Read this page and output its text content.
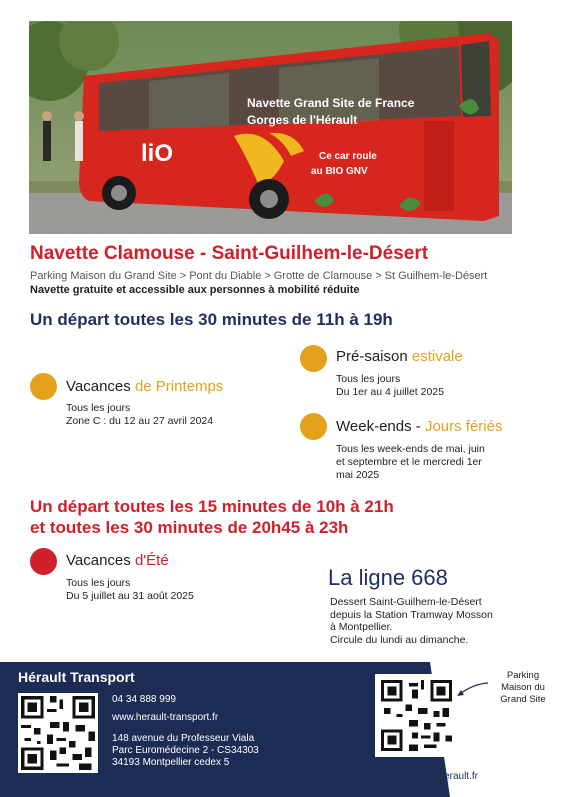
Navette Grand Site de France
Gorges de l'Hérault
liO	Ce car roule
au BIO GNV
Navette Clamouse - Saint-Guilhem-le-Désert
Parking Maison du Grand Site > Pont du Diable > Grotte de Clamouse > St Guilhem-le-Désert
Navette gratuite et accessible aux personnes à mobilité réduite
Un départ toutes les 30 minutes de 11h à 19h
Vacances de Printemps
Tous les jours
Zone C : du 12 au 27 avril 2024
Pré-saison estivale
Tous les jours
Du 1er au 4 juillet 2025
Week-ends - Jours fériés
Tous les week-ends de mai, juin
et septembre et le mercredi 1er
mai 2025
Un départ toutes les 15 minutes de 10h à 21h
et toutes les 30 minutes de 20h45 à 23h
Vacances d'Été
Tous les jours
Du 5 juillet au 31 août 2025
La ligne 668
Dessert Saint-Guilhem-le-Désert
depuis la Station Tramway Mosson
à Montpellier.
Circule du lundi au dimanche.
Hérault Transport
04 34 888 999
www.herault-transport.fr
148 avenue du Professeur Viala
Parc Euromédecine 2 - CS34303
34193 Montpellier cedex 5
Parking
Maison du
Grand Site
www.saintguilhem-valleeherault.fr
